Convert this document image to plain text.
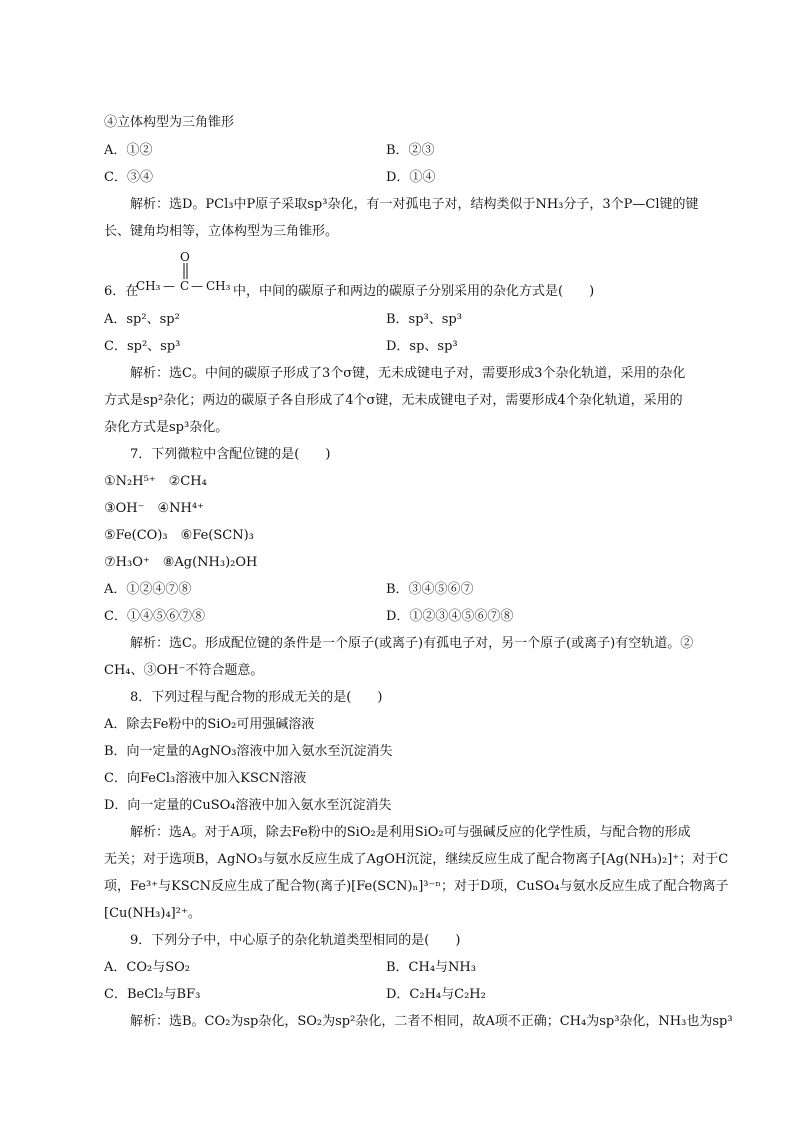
④立体构型为三角锥形
A．①②	B．②③
C．③④	D．①④
解析：选D。PCl₃中P原子采取sp³杂化，有一对孤电子对，结构类似于NH₃分子，3个P—Cl键的键
长、键角均相等，立体构型为三角锥形。
O
CH₃ — C — CH₃
6．在	中，中间的碳原子和两边的碳原子分别采用的杂化方式是(　　)
A．sp²、sp²	B．sp³、sp³
C．sp²、sp³	D．sp、sp³
解析：选C。中间的碳原子形成了3个σ键，无未成键电子对，需要形成3个杂化轨道，采用的杂化
方式是sp²杂化；两边的碳原子各自形成了4个σ键，无未成键电子对，需要形成4个杂化轨道，采用的
杂化方式是sp³杂化。
7．下列微粒中含配位键的是(　　)
①N₂H⁵⁺　②CH₄
③OH⁻　④NH⁴⁺
⑤Fe(CO)₃　⑥Fe(SCN)₃
⑦H₃O⁺　⑧Ag(NH₃)₂OH
A．①②④⑦⑧	B．③④⑤⑥⑦
C．①④⑤⑥⑦⑧	D．①②③④⑤⑥⑦⑧
解析：选C。形成配位键的条件是一个原子(或离子)有孤电子对，另一个原子(或离子)有空轨道。②
CH₄、③OH⁻不符合题意。
8．下列过程与配合物的形成无关的是(　　)
A．除去Fe粉中的SiO₂可用强碱溶液
B．向一定量的AgNO₃溶液中加入氨水至沉淀消失
C．向FeCl₃溶液中加入KSCN溶液
D．向一定量的CuSO₄溶液中加入氨水至沉淀消失
解析：选A。对于A项，除去Fe粉中的SiO₂是利用SiO₂可与强碱反应的化学性质，与配合物的形成
无关；对于选项B，AgNO₃与氨水反应生成了AgOH沉淀，继续反应生成了配合物离子[Ag(NH₃)₂]⁺；对于C
项，Fe³⁺与KSCN反应生成了配合物(离子)[Fe(SCN)ₙ]³⁻ⁿ；对于D项，CuSO₄与氨水反应生成了配合物离子
[Cu(NH₃)₄]²⁺。
9．下列分子中，中心原子的杂化轨道类型相同的是(　　)
A．CO₂与SO₂	B．CH₄与NH₃
C．BeCl₂与BF₃	D．C₂H₄与C₂H₂
解析：选B。CO₂为sp杂化，SO₂为sp²杂化，二者不相同，故A项不正确；CH₄为sp³杂化，NH₃也为sp³
